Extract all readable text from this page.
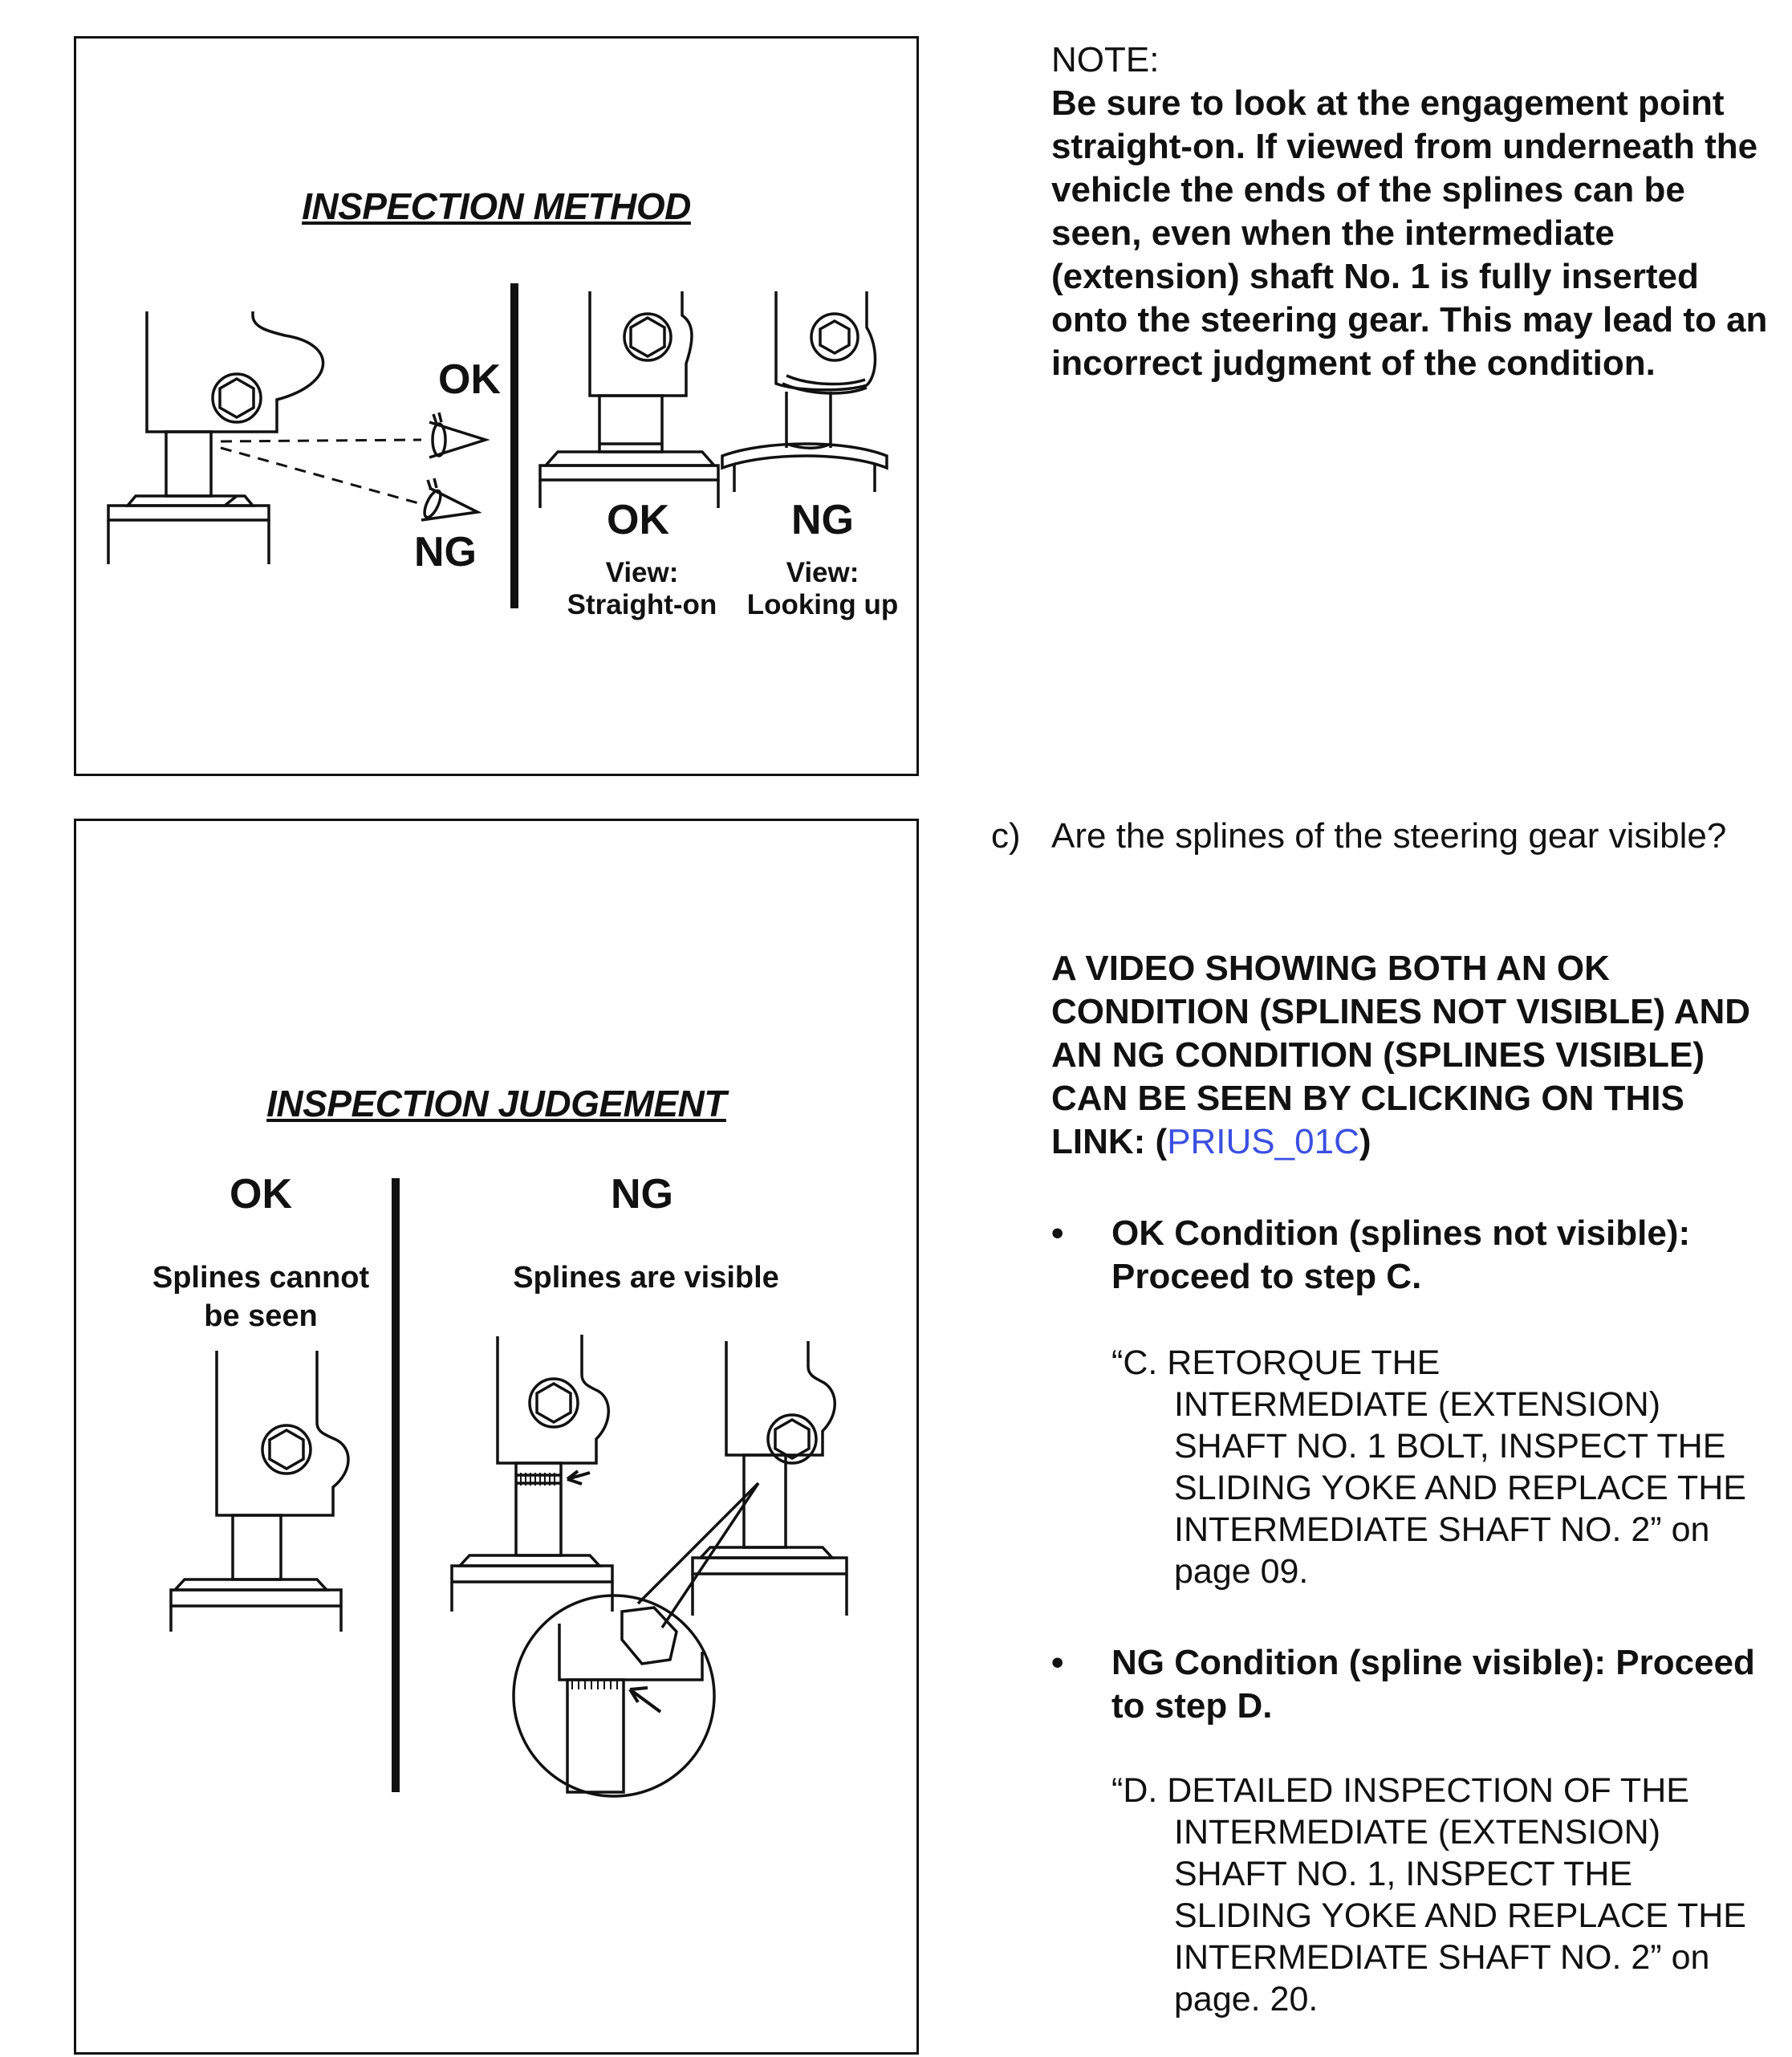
INSPECTION METHOD
OK
NG
OK
View:
Straight-on
NG
View:
Looking up
INSPECTION JUDGEMENT
OK
Splines cannot
be seen
NG
Splines are visible
NOTE:
Be sure to look at the engagement point straight-on. If viewed from underneath the vehicle the ends of the splines can be seen, even when the intermediate (extension) shaft No. 1 is fully inserted onto the steering gear. This may lead to an incorrect judgment of the condition.
c) Are the splines of the steering gear visible?
A VIDEO SHOWING BOTH AN OK CONDITION (SPLINES NOT VISIBLE) AND AN NG CONDITION (SPLINES VISIBLE) CAN BE SEEN BY CLICKING ON THIS LINK: (PRIUS_01C)
• OK Condition (splines not visible): Proceed to step C.
“C. RETORQUE THE
INTERMEDIATE (EXTENSION) SHAFT NO. 1 BOLT, INSPECT THE SLIDING YOKE AND REPLACE THE INTERMEDIATE SHAFT NO. 2” on page 09.
• NG Condition (spline visible): Proceed to step D.
“D. DETAILED INSPECTION OF THE
INTERMEDIATE (EXTENSION) SHAFT NO. 1, INSPECT THE SLIDING YOKE AND REPLACE THE INTERMEDIATE SHAFT NO. 2” on page. 20.
